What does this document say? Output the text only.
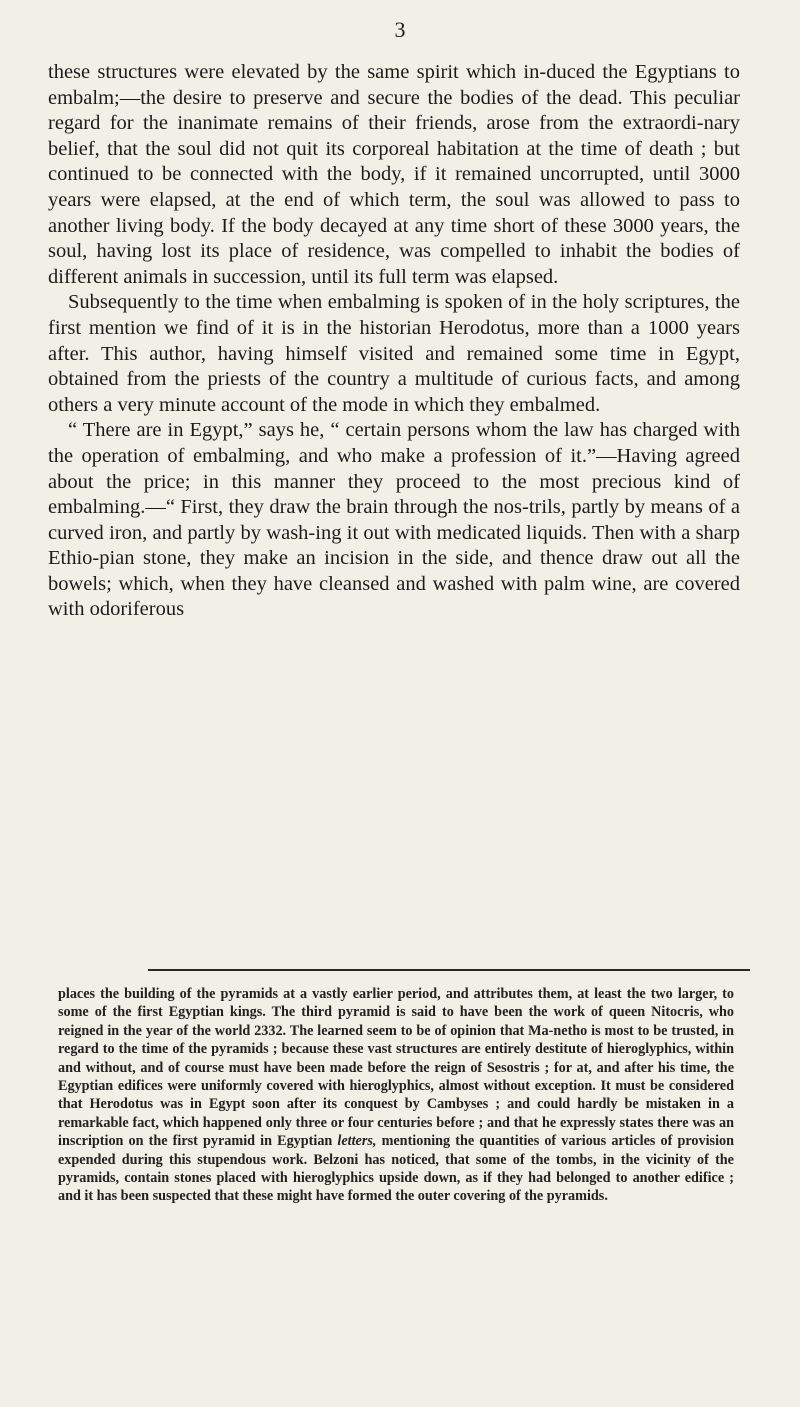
3

these structures were elevated by the same spirit which in-duced the Egyptians to embalm;—the desire to preserve and secure the bodies of the dead. This peculiar regard for the inanimate remains of their friends, arose from the extraordi-nary belief, that the soul did not quit its corporeal habitation at the time of death ; but continued to be connected with the body, if it remained uncorrupted, until 3000 years were elapsed, at the end of which term, the soul was allowed to pass to another living body. If the body decayed at any time short of these 3000 years, the soul, having lost its place of residence, was compelled to inhabit the bodies of different animals in succession, until its full term was elapsed.

Subsequently to the time when embalming is spoken of in the holy scriptures, the first mention we find of it is in the historian Herodotus, more than a 1000 years after. This author, having himself visited and remained some time in Egypt, obtained from the priests of the country a multitude of curious facts, and among others a very minute account of the mode in which they embalmed.

“ There are in Egypt,” says he, “ certain persons whom the law has charged with the operation of embalming, and who make a profession of it.”—Having agreed about the price; in this manner they proceed to the most precious kind of embalming.—“ First, they draw the brain through the nos-trils, partly by means of a curved iron, and partly by wash-ing it out with medicated liquids. Then with a sharp Ethio-pian stone, they make an incision in the side, and thence draw out all the bowels; which, when they have cleansed and washed with palm wine, are covered with odoriferous

places the building of the pyramids at a vastly earlier period, and attributes them, at least the two larger, to some of the first Egyptian kings. The third pyramid is said to have been the work of queen Nitocris, who reigned in the year of the world 2332. The learned seem to be of opinion that Ma-netho is most to be trusted, in regard to the time of the pyramids ; because these vast structures are entirely destitute of hieroglyphics, within and without, and of course must have been made before the reign of Sesostris ; for at, and after his time, the Egyptian edifices were uniformly covered with hieroglyphics, almost without exception. It must be considered that Herodotus was in Egypt soon after its conquest by Cambyses ; and could hardly be mistaken in a remarkable fact, which happened only three or four centuries before ; and that he expressly states there was an inscription on the first pyramid in Egyptian letters, mentioning the quantities of various articles of provision expended during this stupendous work. Belzoni has noticed, that some of the tombs, in the vicinity of the pyramids, contain stones placed with hieroglyphics upside down, as if they had belonged to another edifice ; and it has been suspected that these might have formed the outer covering of the pyramids.
